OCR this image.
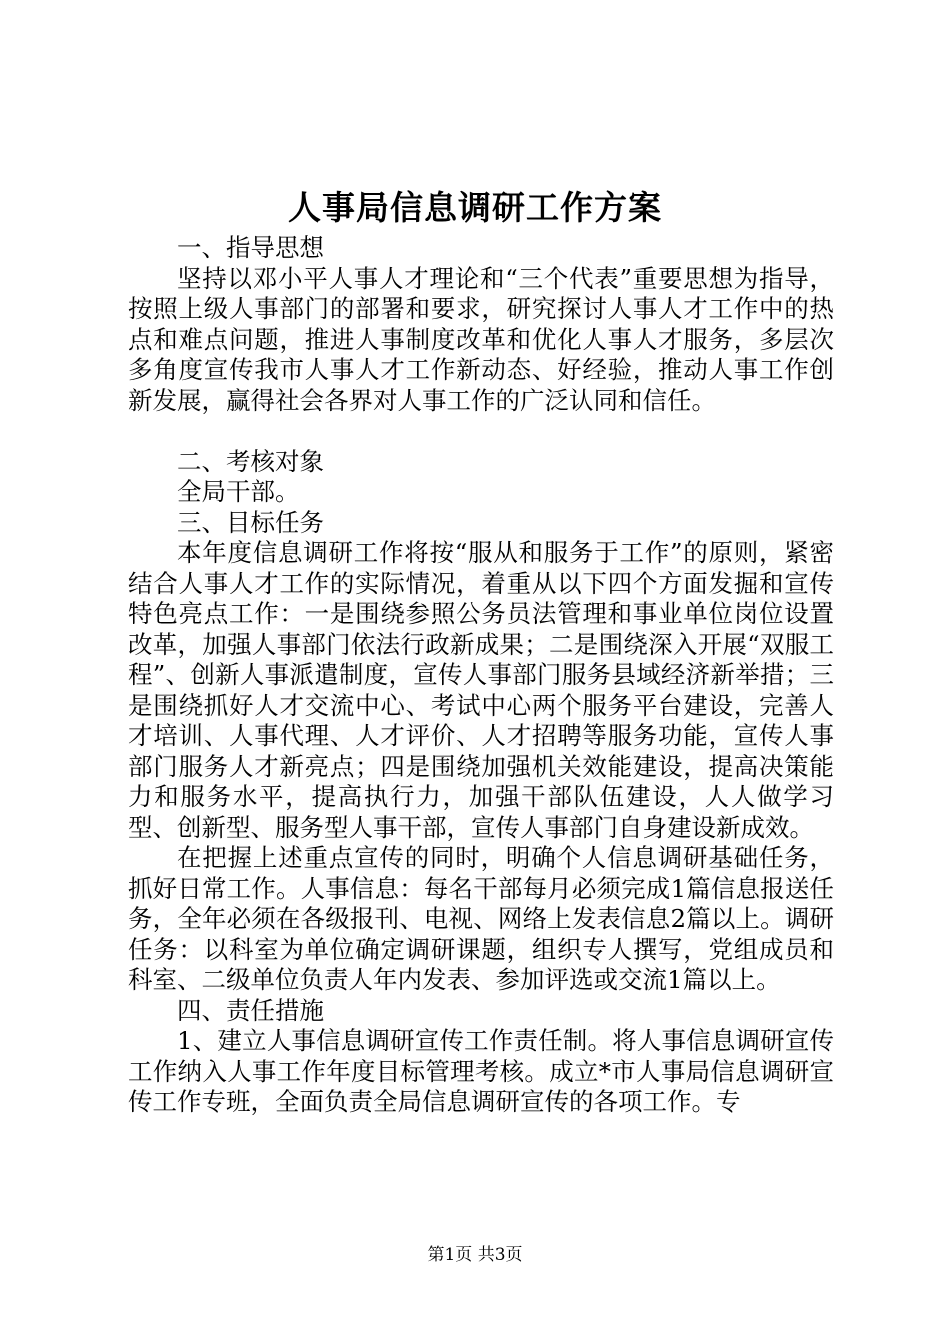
人事局信息调研工作方案

一、指导思想

坚持以邓小平人事人才理论和“三个代表”重要思想为指导，按照上级人事部门的部署和要求，研究探讨人事人才工作中的热点和难点问题，推进人事制度改革和优化人事人才服务，多层次多角度宣传我市人事人才工作新动态、好经验，推动人事工作创新发展，赢得社会各界对人事工作的广泛认同和信任。

二、考核对象

全局干部。

三、目标任务

本年度信息调研工作将按“服从和服务于工作”的原则，紧密结合人事人才工作的实际情况，着重从以下四个方面发掘和宣传特色亮点工作：一是围绕参照公务员法管理和事业单位岗位设置改革，加强人事部门依法行政新成果；二是围绕深入开展“双服工程”、创新人事派遣制度，宣传人事部门服务县域经济新举措；三是围绕抓好人才交流中心、考试中心两个服务平台建设，完善人才培训、人事代理、人才评价、人才招聘等服务功能，宣传人事部门服务人才新亮点；四是围绕加强机关效能建设，提高决策能力和服务水平，提高执行力，加强干部队伍建设，人人做学习型、创新型、服务型人事干部，宣传人事部门自身建设新成效。

在把握上述重点宣传的同时，明确个人信息调研基础任务，抓好日常工作。人事信息：每名干部每月必须完成1篇信息报送任务，全年必须在各级报刊、电视、网络上发表信息2篇以上。调研任务：以科室为单位确定调研课题，组织专人撰写，党组成员和科室、二级单位负责人年内发表、参加评选或交流1篇以上。

四、责任措施

1、建立人事信息调研宣传工作责任制。将人事信息调研宣传工作纳入人事工作年度目标管理考核。成立*市人事局信息调研宣传工作专班，全面负责全局信息调研宣传的各项工作。专

第1页 共3页
